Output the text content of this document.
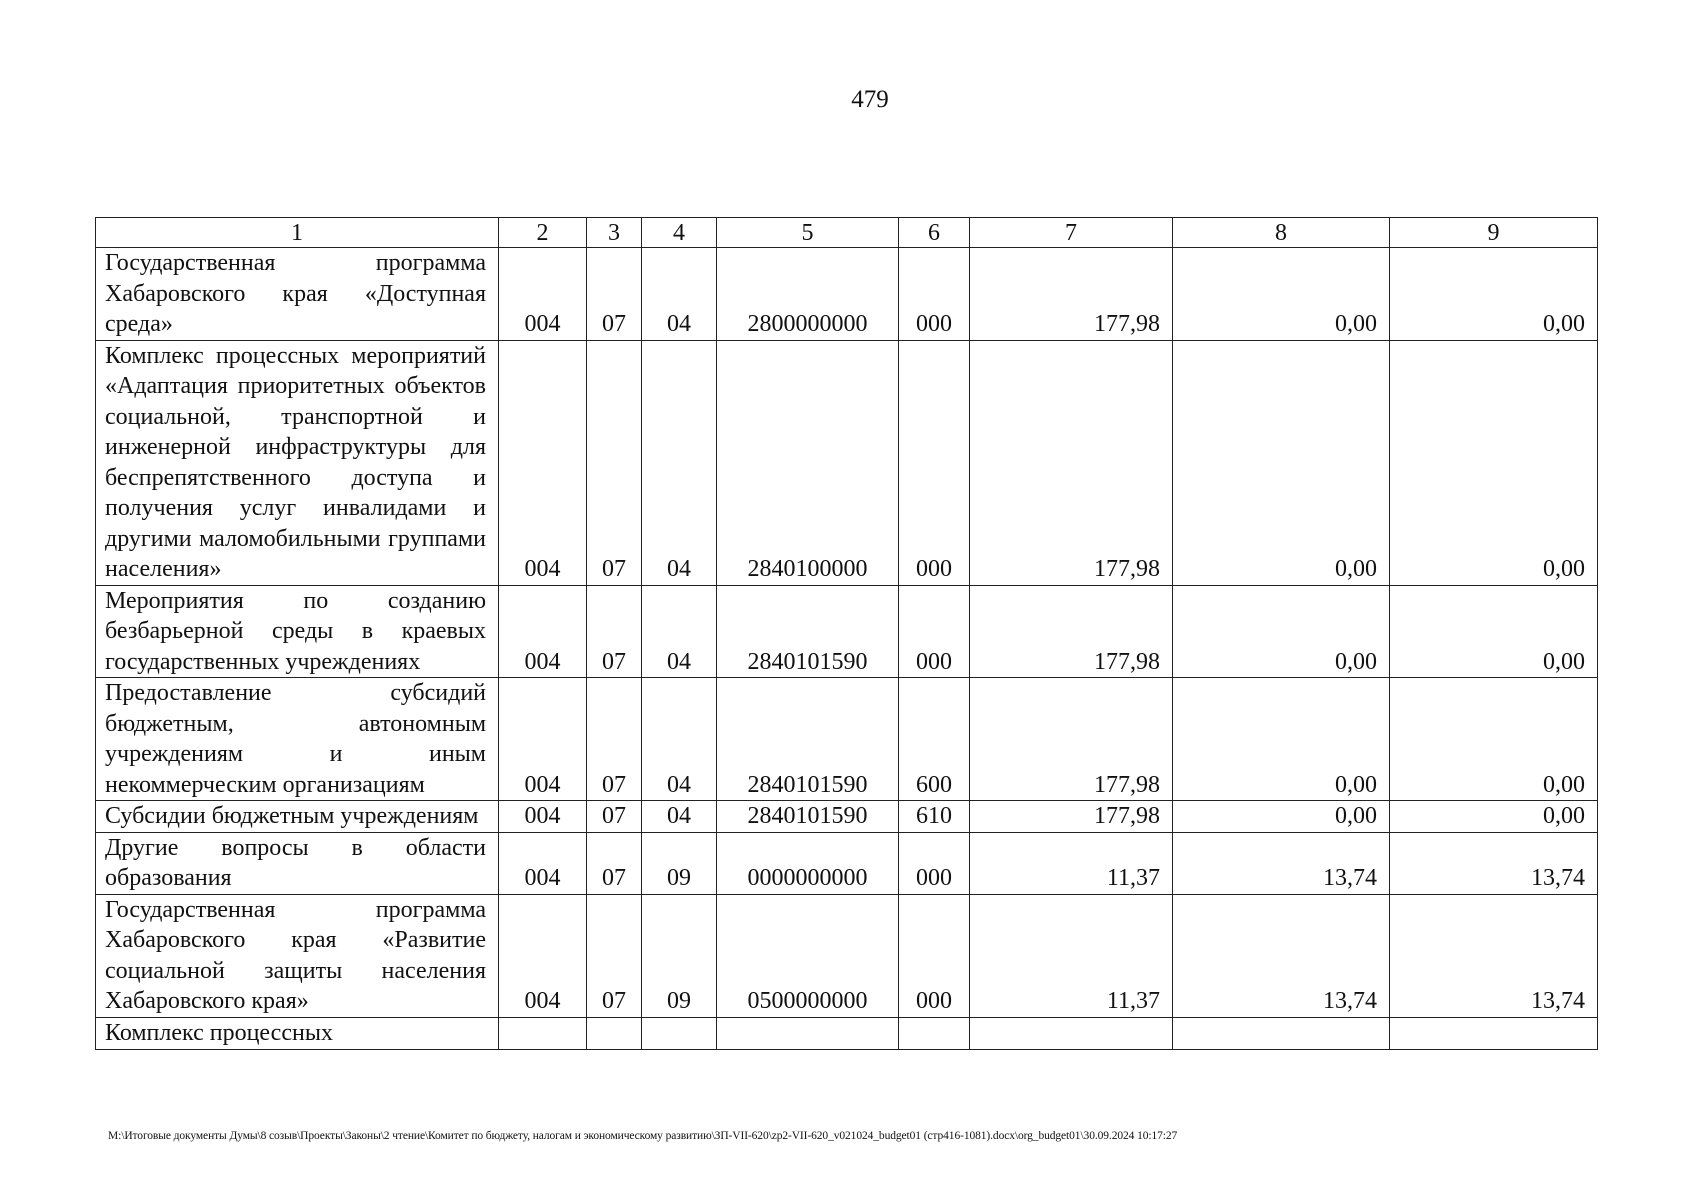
479
1	2	3	4	5	6	7	8	9
Государственная программа Хабаровского края «Доступная среда»	004	07	04	2800000000	000	177,98	0,00	0,00
Комплекс процессных мероприятий «Адаптация приоритетных объектов социальной, транспортной и инженерной инфраструктуры для беспрепятственного доступа и получения услуг инвалидами и другими маломобильными группами населения»	004	07	04	2840100000	000	177,98	0,00	0,00
Мероприятия по созданию безбарьерной среды в краевых государственных учреждениях	004	07	04	2840101590	000	177,98	0,00	0,00
Предоставление субсидий бюджетным, автономным учреждениям и иным некоммерческим организациям	004	07	04	2840101590	600	177,98	0,00	0,00
Субсидии бюджетным учреждениям	004	07	04	2840101590	610	177,98	0,00	0,00
Другие вопросы в области образования	004	07	09	0000000000	000	11,37	13,74	13,74
Государственная программа Хабаровского края «Развитие социальной защиты населения Хабаровского края»	004	07	09	0500000000	000	11,37	13,74	13,74
Комплекс процессных								
M:\Итоговые документы Думы\8 созыв\Проекты\Законы\2 чтение\Комитет по бюджету, налогам и экономическому развитию\ЗП-VII-620\zp2-VII-620_v021024_budget01 (стр416-1081).docx\org_budget01\30.09.2024 10:17:27
